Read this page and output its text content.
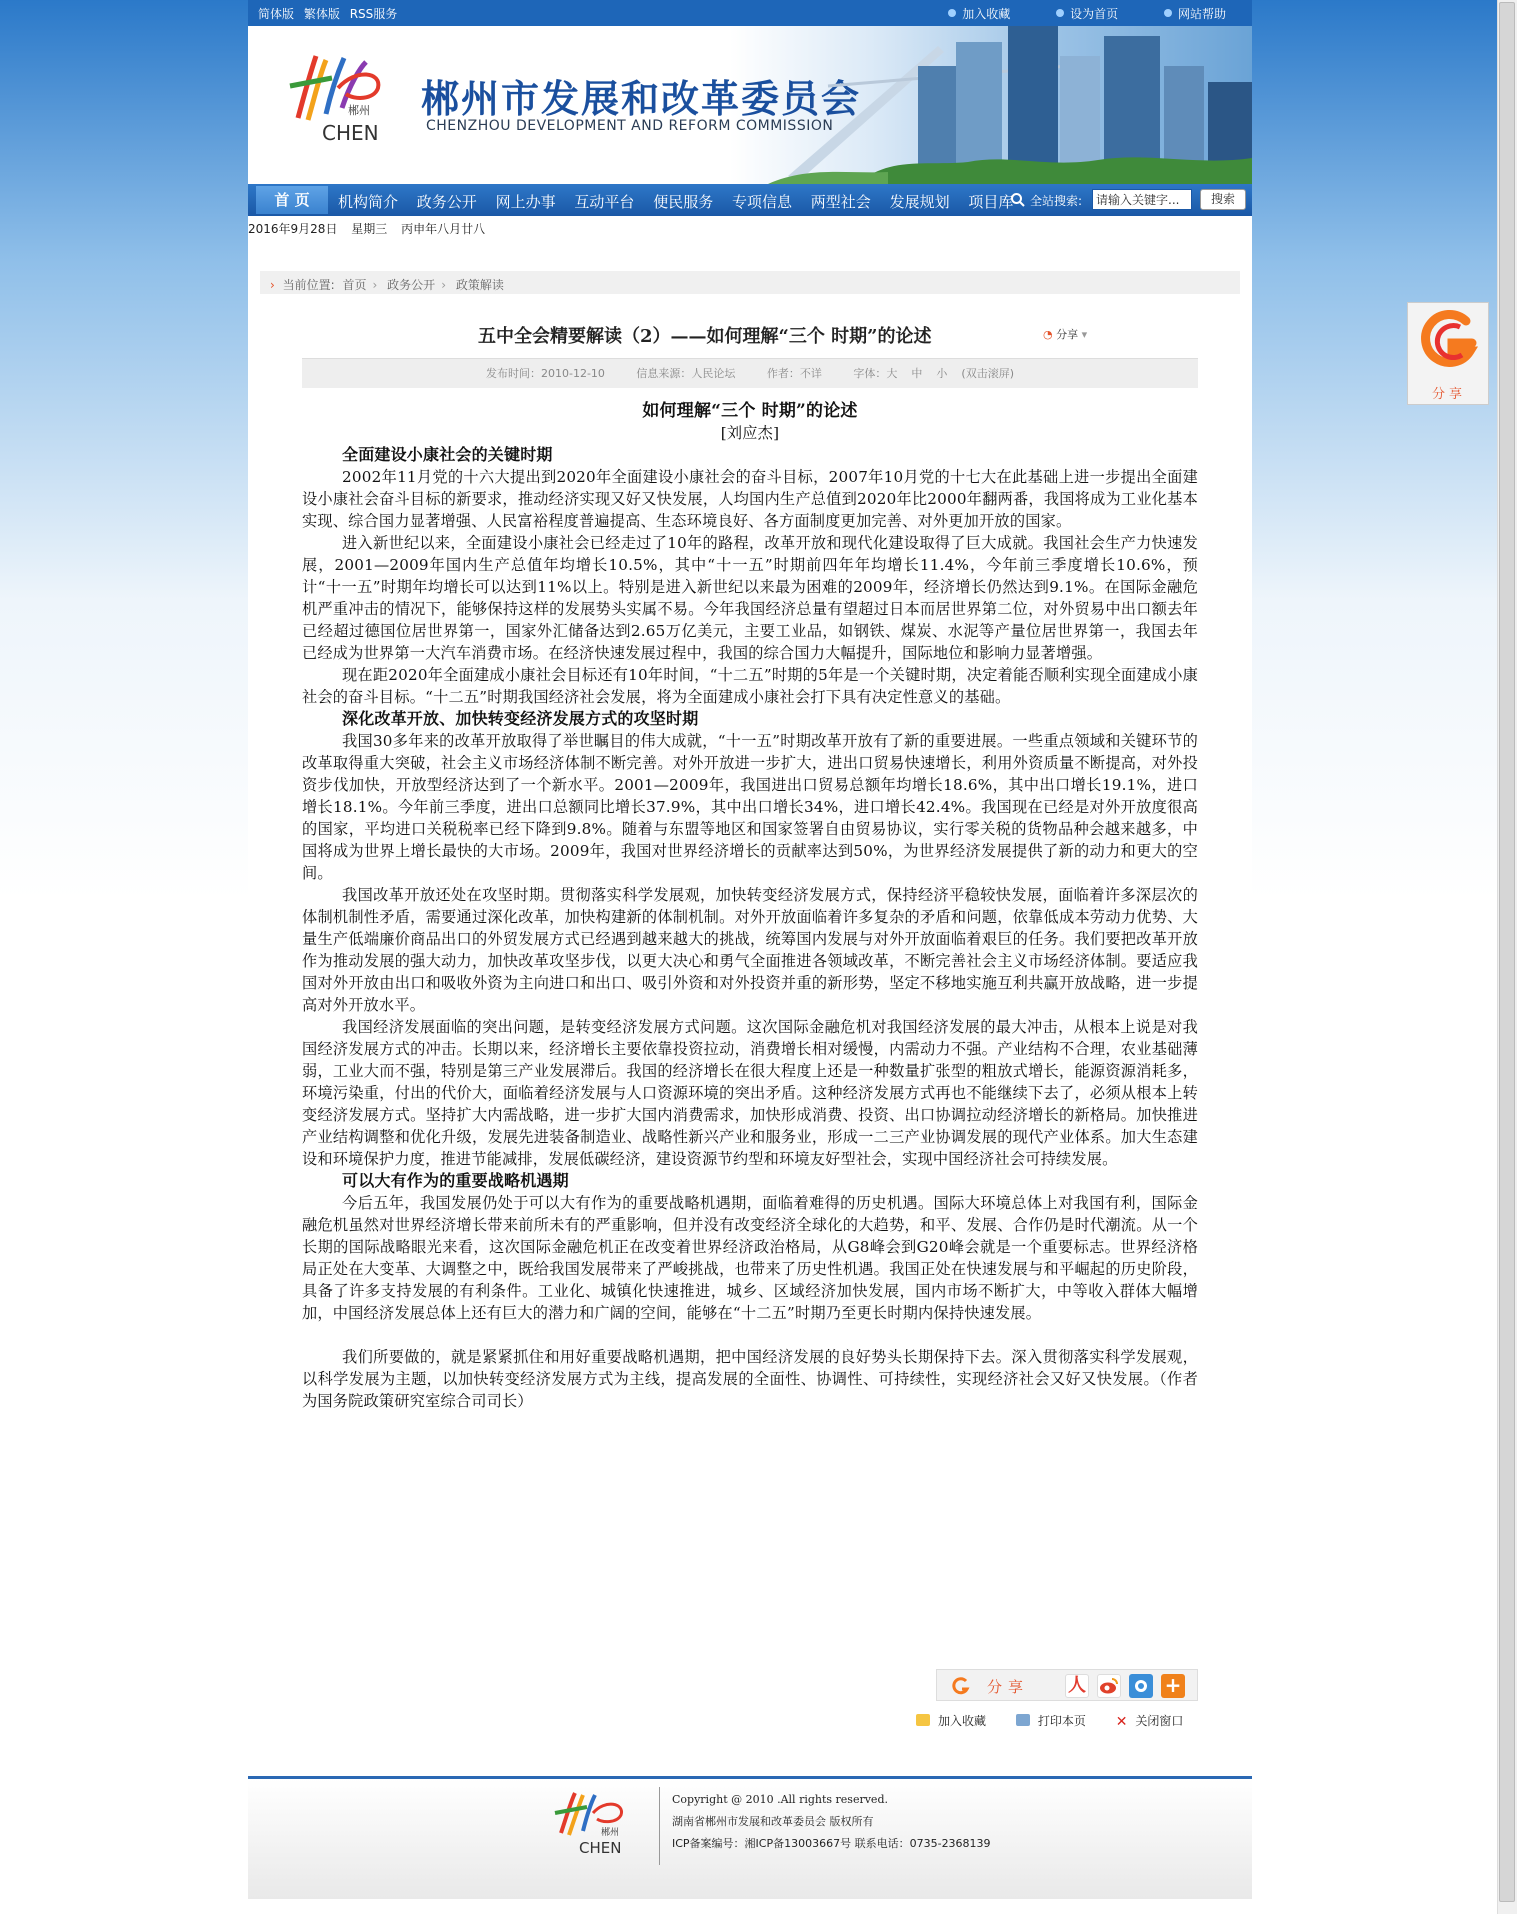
分享
简体版 繁体版 RSS服务	加入收藏	设为首页	网站帮助
郴州
CHEN
郴州市发展和改革委员会
CHENZHOU DEVELOPMENT AND REFORM COMMISSION
首 页	机构简介 政务公开 网上办事 互动平台 便民服务 专项信息 两型社会 发展规划 项目库	全站搜索:
请输入关键字...	搜索
2016年9月28日 星期三 丙申年八月廿八
› 当前位置: 首页 › 政务公开 › 政策解读
五中全会精要解读（2）——如何理解“三个 时期”的论述	◔ 分享 ▾
发布时间：2010-12-10	信息来源：人民论坛	作者：不详	字体：大 中 小 (双击滚屏)
如何理解“三个 时期”的论述
[刘应杰]
全面建设小康社会的关键时期

2002年11月党的十六大提出到2020年全面建设小康社会的奋斗目标，2007年10月党的十七大在此基础上进一步提出全面建设小康社会奋斗目标的新要求，推动经济实现又好又快发展，人均国内生产总值到2020年比2000年翻两番，我国将成为工业化基本实现、综合国力显著增强、人民富裕程度普遍提高、生态环境良好、各方面制度更加完善、对外更加开放的国家。

进入新世纪以来，全面建设小康社会已经走过了10年的路程，改革开放和现代化建设取得了巨大成就。我国社会生产力快速发展，2001—2009年国内生产总值年均增长10.5%，其中“十一五”时期前四年年均增长11.4%，今年前三季度增长10.6%，预计“十一五”时期年均增长可以达到11%以上。特别是进入新世纪以来最为困难的2009年，经济增长仍然达到9.1%。在国际金融危机严重冲击的情况下，能够保持这样的发展势头实属不易。今年我国经济总量有望超过日本而居世界第二位，对外贸易中出口额去年已经超过德国位居世界第一，国家外汇储备达到2.65万亿美元，主要工业品，如钢铁、煤炭、水泥等产量位居世界第一，我国去年已经成为世界第一大汽车消费市场。在经济快速发展过程中，我国的综合国力大幅提升，国际地位和影响力显著增强。

现在距2020年全面建成小康社会目标还有10年时间，“十二五”时期的5年是一个关键时期，决定着能否顺利实现全面建成小康社会的奋斗目标。“十二五”时期我国经济社会发展，将为全面建成小康社会打下具有决定性意义的基础。

深化改革开放、加快转变经济发展方式的攻坚时期

我国30多年来的改革开放取得了举世瞩目的伟大成就，“十一五”时期改革开放有了新的重要进展。一些重点领域和关键环节的改革取得重大突破，社会主义市场经济体制不断完善。对外开放进一步扩大，进出口贸易快速增长，利用外资质量不断提高，对外投资步伐加快，开放型经济达到了一个新水平。2001—2009年，我国进出口贸易总额年均增长18.6%，其中出口增长19.1%，进口增长18.1%。今年前三季度，进出口总额同比增长37.9%，其中出口增长34%，进口增长42.4%。我国现在已经是对外开放度很高的国家，平均进口关税税率已经下降到9.8%。随着与东盟等地区和国家签署自由贸易协议，实行零关税的货物品种会越来越多，中国将成为世界上增长最快的大市场。2009年，我国对世界经济增长的贡献率达到50%，为世界经济发展提供了新的动力和更大的空间。

我国改革开放还处在攻坚时期。贯彻落实科学发展观，加快转变经济发展方式，保持经济平稳较快发展，面临着许多深层次的体制机制性矛盾，需要通过深化改革，加快构建新的体制机制。对外开放面临着许多复杂的矛盾和问题，依靠低成本劳动力优势、大量生产低端廉价商品出口的外贸发展方式已经遇到越来越大的挑战，统筹国内发展与对外开放面临着艰巨的任务。我们要把改革开放作为推动发展的强大动力，加快改革攻坚步伐，以更大决心和勇气全面推进各领域改革，不断完善社会主义市场经济体制。要适应我国对外开放由出口和吸收外资为主向进口和出口、吸引外资和对外投资并重的新形势，坚定不移地实施互利共赢开放战略，进一步提高对外开放水平。

我国经济发展面临的突出问题，是转变经济发展方式问题。这次国际金融危机对我国经济发展的最大冲击，从根本上说是对我国经济发展方式的冲击。长期以来，经济增长主要依靠投资拉动，消费增长相对缓慢，内需动力不强。产业结构不合理，农业基础薄弱，工业大而不强，特别是第三产业发展滞后。我国的经济增长在很大程度上还是一种数量扩张型的粗放式增长，能源资源消耗多，环境污染重，付出的代价大，面临着经济发展与人口资源环境的突出矛盾。这种经济发展方式再也不能继续下去了，必须从根本上转变经济发展方式。坚持扩大内需战略，进一步扩大国内消费需求，加快形成消费、投资、出口协调拉动经济增长的新格局。加快推进产业结构调整和优化升级，发展先进装备制造业、战略性新兴产业和服务业，形成一二三产业协调发展的现代产业体系。加大生态建设和环境保护力度，推进节能减排，发展低碳经济，建设资源节约型和环境友好型社会，实现中国经济社会可持续发展。

可以大有作为的重要战略机遇期

今后五年，我国发展仍处于可以大有作为的重要战略机遇期，面临着难得的历史机遇。国际大环境总体上对我国有利，国际金融危机虽然对世界经济增长带来前所未有的严重影响，但并没有改变经济全球化的大趋势，和平、发展、合作仍是时代潮流。从一个长期的国际战略眼光来看，这次国际金融危机正在改变着世界经济政治格局，从G8峰会到G20峰会就是一个重要标志。世界经济格局正处在大变革、大调整之中，既给我国发展带来了严峻挑战，也带来了历史性机遇。我国正处在快速发展与和平崛起的历史阶段，具备了许多支持发展的有利条件。工业化、城镇化快速推进，城乡、区域经济加快发展，国内市场不断扩大，中等收入群体大幅增加，中国经济发展总体上还有巨大的潜力和广阔的空间，能够在“十二五”时期乃至更长时期内保持快速发展。

我们所要做的，就是紧紧抓住和用好重要战略机遇期，把中国经济发展的良好势头长期保持下去。深入贯彻落实科学发展观，以科学发展为主题，以加快转变经济发展方式为主线，提高发展的全面性、协调性、可持续性，实现经济社会又好又快发展。（作者为国务院政策研究室综合司司长）

分享 人	+
加入收藏	打印本页 ✕ 关闭窗口
郴州
CHEN
Copyright @ 2010 .All rights reserved.
湖南省郴州市发展和改革委员会 版权所有
ICP备案编号：湘ICP备13003667号 联系电话：0735-2368139
